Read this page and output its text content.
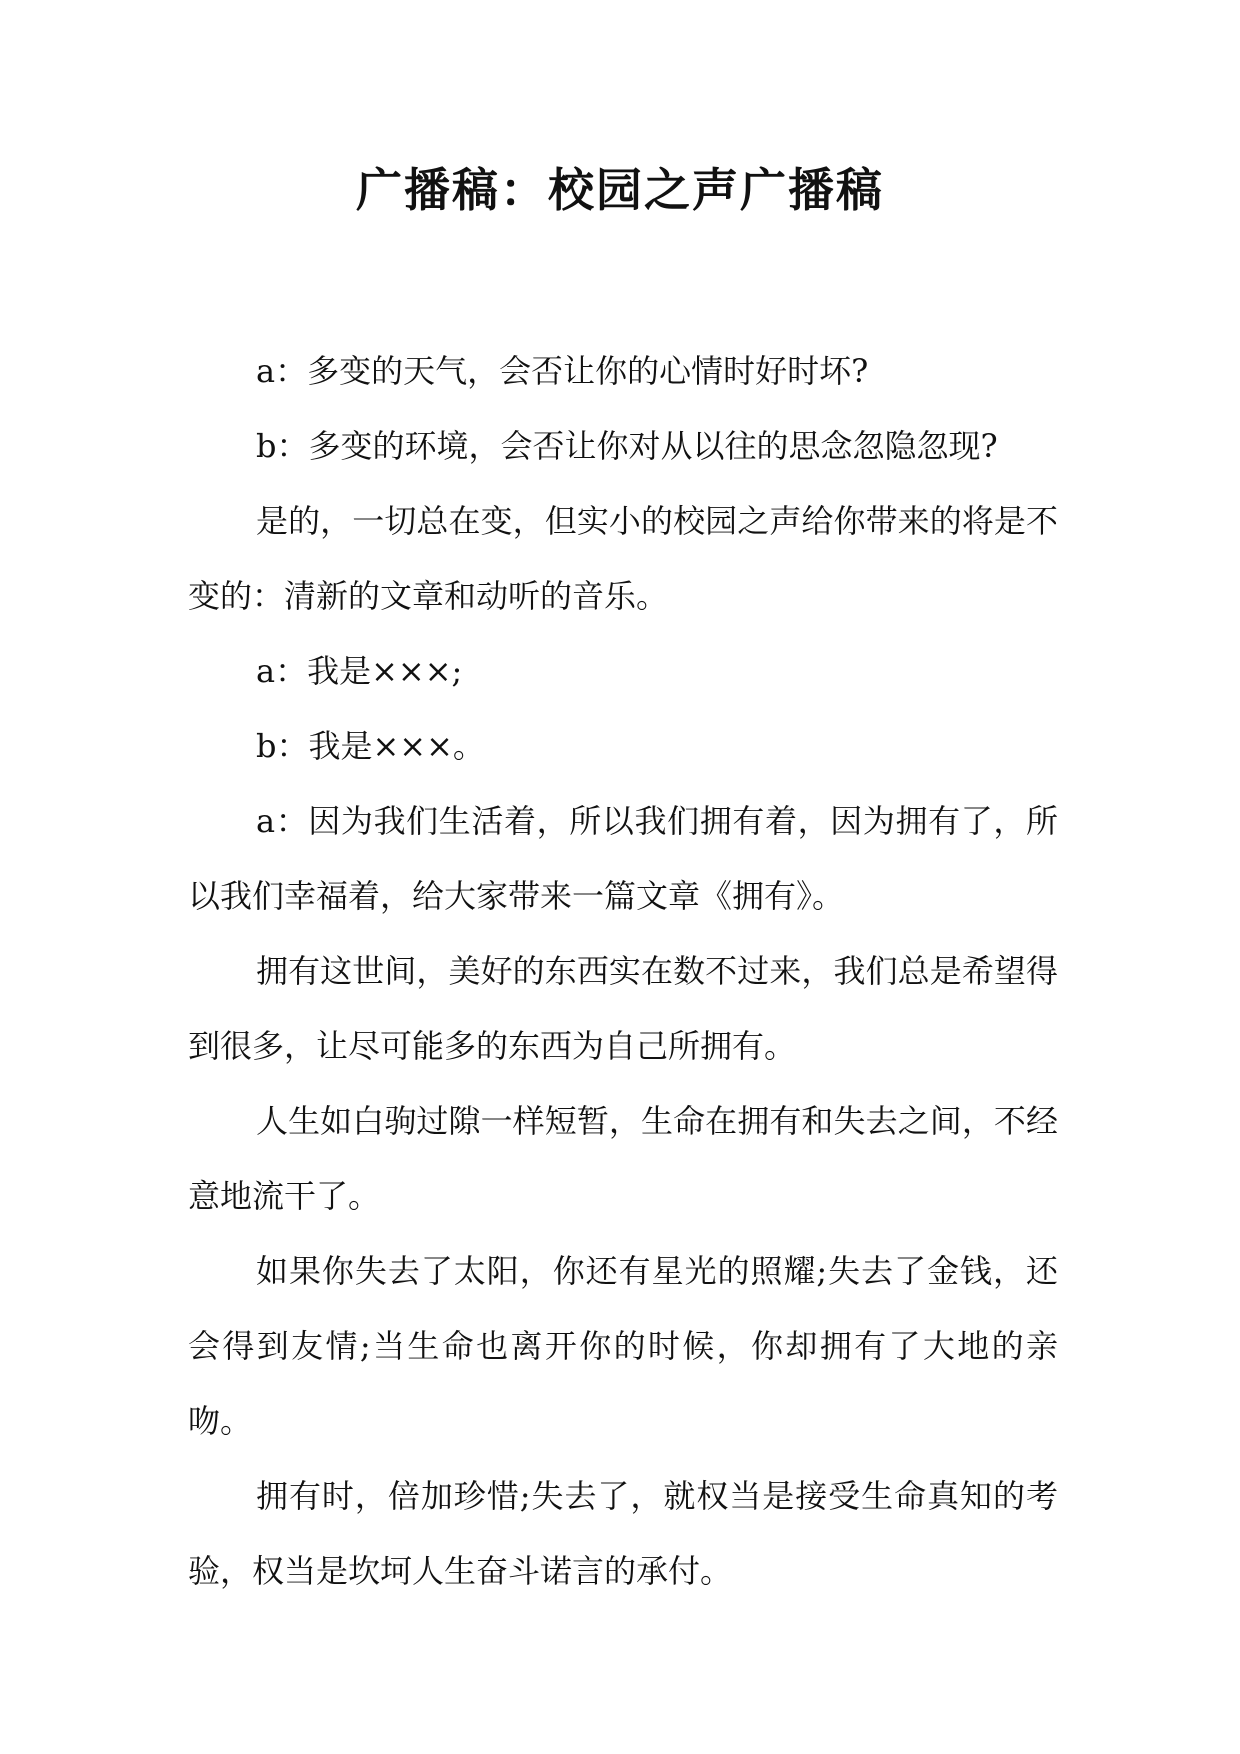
广播稿：校园之声广播稿

a：多变的天气，会否让你的心情时好时坏?

b：多变的环境，会否让你对从以往的思念忽隐忽现?

是的，一切总在变，但实小的校园之声给你带来的将是不变的：清新的文章和动听的音乐。

a：我是×××;

b：我是×××。

a：因为我们生活着，所以我们拥有着，因为拥有了，所以我们幸福着，给大家带来一篇文章《拥有》。

拥有这世间，美好的东西实在数不过来，我们总是希望得到很多，让尽可能多的东西为自己所拥有。

人生如白驹过隙一样短暂，生命在拥有和失去之间，不经意地流干了。

如果你失去了太阳，你还有星光的照耀;失去了金钱，还会得到友情;当生命也离开你的时候，你却拥有了大地的亲吻。

拥有时，倍加珍惜;失去了，就权当是接受生命真知的考验，权当是坎坷人生奋斗诺言的承付。
